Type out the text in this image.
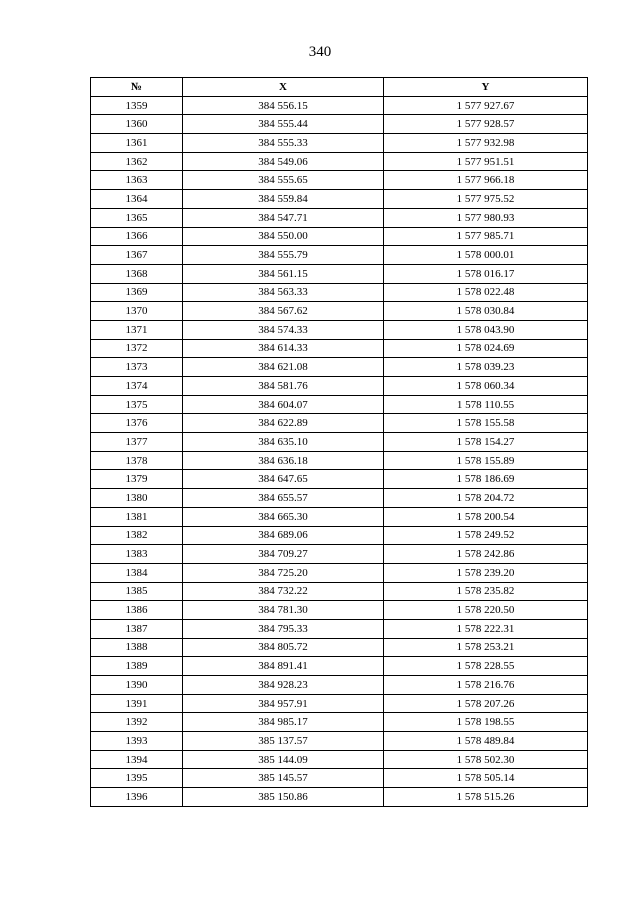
340
№	X	Y
1359	384 556.15	1 577 927.67
1360	384 555.44	1 577 928.57
1361	384 555.33	1 577 932.98
1362	384 549.06	1 577 951.51
1363	384 555.65	1 577 966.18
1364	384 559.84	1 577 975.52
1365	384 547.71	1 577 980.93
1366	384 550.00	1 577 985.71
1367	384 555.79	1 578 000.01
1368	384 561.15	1 578 016.17
1369	384 563.33	1 578 022.48
1370	384 567.62	1 578 030.84
1371	384 574.33	1 578 043.90
1372	384 614.33	1 578 024.69
1373	384 621.08	1 578 039.23
1374	384 581.76	1 578 060.34
1375	384 604.07	1 578 110.55
1376	384 622.89	1 578 155.58
1377	384 635.10	1 578 154.27
1378	384 636.18	1 578 155.89
1379	384 647.65	1 578 186.69
1380	384 655.57	1 578 204.72
1381	384 665.30	1 578 200.54
1382	384 689.06	1 578 249.52
1383	384 709.27	1 578 242.86
1384	384 725.20	1 578 239.20
1385	384 732.22	1 578 235.82
1386	384 781.30	1 578 220.50
1387	384 795.33	1 578 222.31
1388	384 805.72	1 578 253.21
1389	384 891.41	1 578 228.55
1390	384 928.23	1 578 216.76
1391	384 957.91	1 578 207.26
1392	384 985.17	1 578 198.55
1393	385 137.57	1 578 489.84
1394	385 144.09	1 578 502.30
1395	385 145.57	1 578 505.14
1396	385 150.86	1 578 515.26
